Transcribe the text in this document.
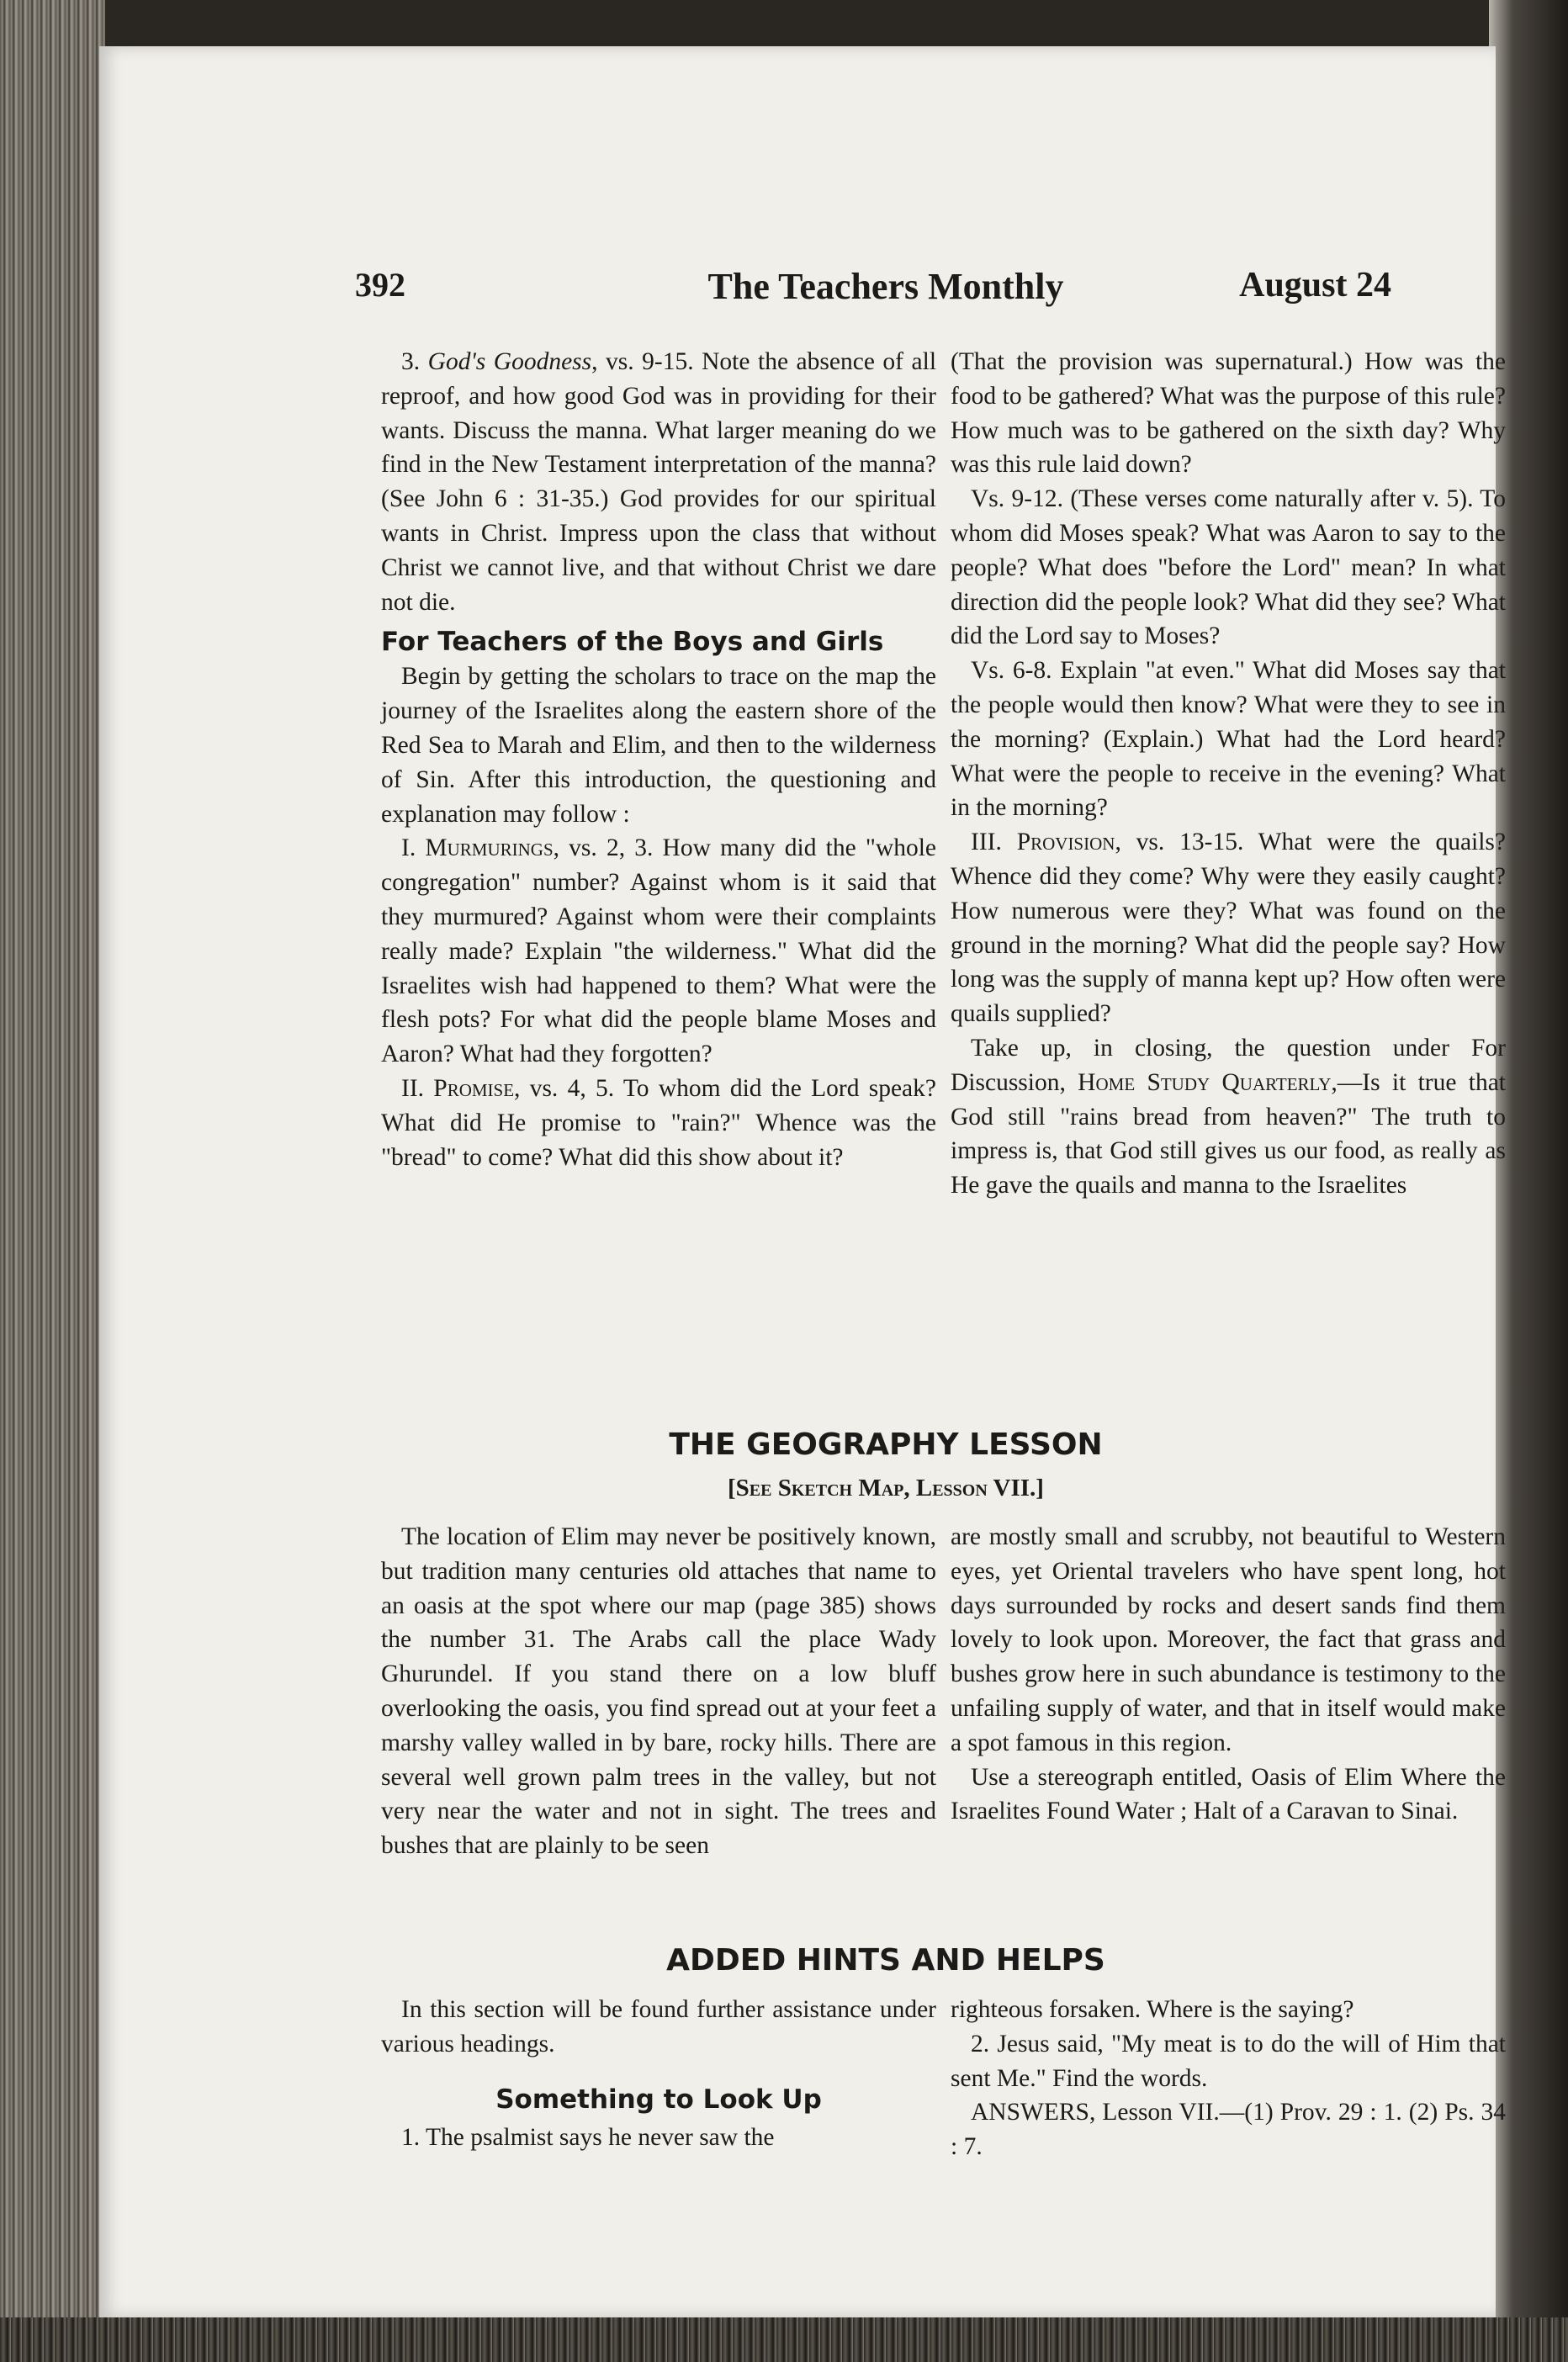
392	The Teachers Monthly	August 24

3. God's Goodness, vs. 9-15. Note the absence of all reproof, and how good God was in providing for their wants. Discuss the manna. What larger meaning do we find in the New Testament interpretation of the manna? (See John 6 : 31-35.) God provides for our spiritual wants in Christ. Impress upon the class that without Christ we cannot live, and that without Christ we dare not die.

For Teachers of the Boys and Girls

Begin by getting the scholars to trace on the map the journey of the Israelites along the eastern shore of the Red Sea to Marah and Elim, and then to the wilderness of Sin. After this introduction, the questioning and explanation may follow :

I. Murmurings, vs. 2, 3. How many did the "whole congregation" number? Against whom is it said that they murmured? Against whom were their complaints really made? Explain "the wilderness." What did the Israelites wish had happened to them? What were the flesh pots? For what did the people blame Moses and Aaron? What had they forgotten?

II. Promise, vs. 4, 5. To whom did the Lord speak? What did He promise to "rain?" Whence was the "bread" to come? What did this show about it?

(That the provision was supernatural.) How was the food to be gathered? What was the purpose of this rule? How much was to be gathered on the sixth day? Why was this rule laid down?

Vs. 9-12. (These verses come naturally after v. 5). To whom did Moses speak? What was Aaron to say to the people? What does "before the Lord" mean? In what direction did the people look? What did they see? What did the Lord say to Moses?

Vs. 6-8. Explain "at even." What did Moses say that the people would then know? What were they to see in the morning? (Explain.) What had the Lord heard? What were the people to receive in the evening? What in the morning?

III. Provision, vs. 13-15. What were the quails? Whence did they come? Why were they easily caught? How numerous were they? What was found on the ground in the morning? What did the people say? How long was the supply of manna kept up? How often were quails supplied?

Take up, in closing, the question under For Discussion, Home Study Quarterly,—Is it true that God still "rains bread from heaven?" The truth to impress is, that God still gives us our food, as really as He gave the quails and manna to the Israelites

THE GEOGRAPHY LESSON
[See Sketch Map, Lesson VII.]

The location of Elim may never be positively known, but tradition many centuries old attaches that name to an oasis at the spot where our map (page 385) shows the number 31. The Arabs call the place Wady Ghurundel. If you stand there on a low bluff overlooking the oasis, you find spread out at your feet a marshy valley walled in by bare, rocky hills. There are several well grown palm trees in the valley, but not very near the water and not in sight. The trees and bushes that are plainly to be seen

are mostly small and scrubby, not beautiful to Western eyes, yet Oriental travelers who have spent long, hot days surrounded by rocks and desert sands find them lovely to look upon. Moreover, the fact that grass and bushes grow here in such abundance is testimony to the unfailing supply of water, and that in itself would make a spot famous in this region.

Use a stereograph entitled, Oasis of Elim Where the Israelites Found Water ; Halt of a Caravan to Sinai.

ADDED HINTS AND HELPS

In this section will be found further assistance under various headings.

Something to Look Up

1. The psalmist says he never saw the

righteous forsaken. Where is the saying?

2. Jesus said, "My meat is to do the will of Him that sent Me." Find the words.

ANSWERS, Lesson VII.—(1) Prov. 29 : 1. (2) Ps. 34 : 7.
